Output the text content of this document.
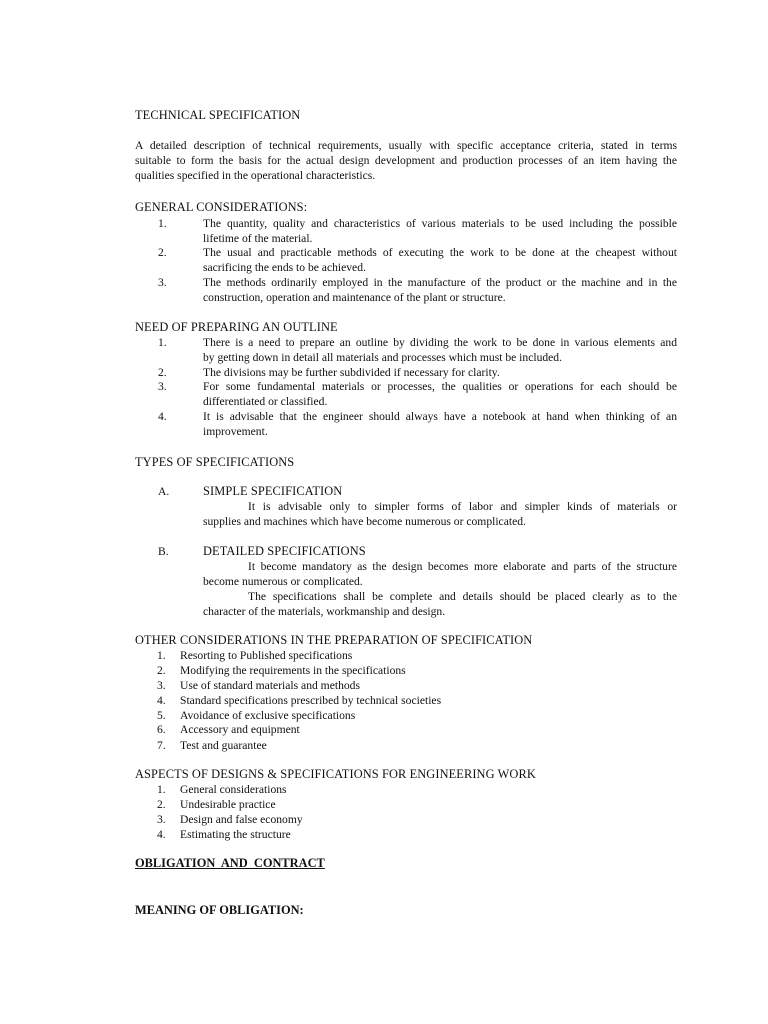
TECHNICAL SPECIFICATION
A detailed description of technical requirements, usually with specific acceptance criteria, stated in terms
suitable to form the basis for the actual design development and production processes of an item having the
qualities specified in the operational characteristics.
GENERAL CONSIDERATIONS:
1.	The quantity, quality and characteristics of various materials to be used including the possible
lifetime of the material.
2.	The usual and practicable methods of executing the work to be done at the cheapest without
sacrificing the ends to be achieved.
3.	The methods ordinarily employed in the manufacture of the product or the machine and in the
construction, operation and maintenance of the plant or structure.
NEED OF PREPARING AN OUTLINE
1.	There is a need to prepare an outline by dividing the work to be done in various elements and
by getting down in detail all materials and processes which must be included.
2.	The divisions may be further subdivided if necessary for clarity.
3.	For some fundamental materials or processes, the qualities or operations for each should be
differentiated or classified.
4.	It is advisable that the engineer should always have a notebook at hand when thinking of an
improvement.
TYPES OF SPECIFICATIONS
A.	SIMPLE SPECIFICATION
It is advisable only to simpler forms of labor and simpler kinds of materials or
supplies and machines which have become numerous or complicated.
B.	DETAILED SPECIFICATIONS
It become mandatory as the design becomes more elaborate and parts of the structure
become numerous or complicated.
The specifications shall be complete and details should be placed clearly as to the
character of the materials, workmanship and design.
OTHER CONSIDERATIONS IN THE PREPARATION OF SPECIFICATION
1. Resorting to Published specifications
2. Modifying the requirements in the specifications
3. Use of standard materials and methods
4. Standard specifications prescribed by technical societies
5. Avoidance of exclusive specifications
6. Accessory and equipment
7. Test and guarantee
ASPECTS OF DESIGNS & SPECIFICATIONS FOR ENGINEERING WORK
1. General considerations
2. Undesirable practice
3. Design and false economy
4. Estimating the structure
OBLIGATION  AND  CONTRACT
MEANING OF OBLIGATION:
